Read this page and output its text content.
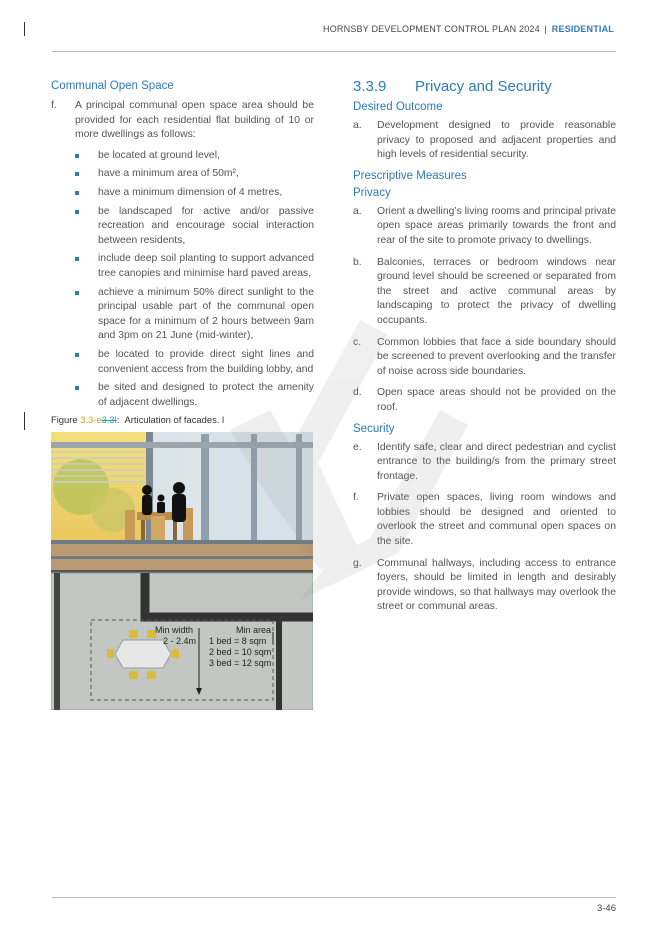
HORNSBY DEVELOPMENT CONTROL PLAN 2024 | RESIDENTIAL
Communal Open Space
f.	A principal communal open space area should be provided for each residential flat building of 10 or more dwellings as follows:
be located at ground level,
have a minimum area of 50m²,
have a minimum dimension of 4 metres,
be landscaped for active and/or passive recreation and encourage social interaction between residents,
include deep soil planting to support advanced tree canopies and minimise hard paved areas,
achieve a minimum 50% direct sunlight to the principal usable part of the communal open space for a minimum of 2 hours between 9am and 3pm on 21 June (mid-winter),
be located to provide direct sight lines and convenient access from the building lobby, and
be sited and designed to protect the amenity of adjacent dwellings.
Figure 3.3-e3.3l: Articulation of facades. l
Min width
2 - 2.4m
Min area
1 bed = 8 sqm
2 bed = 10 sqm
3 bed = 12 sqm
3.3.9 Privacy and Security
Desired Outcome
a.	Development designed to provide reasonable privacy to proposed and adjacent properties and high levels of residential security.
Prescriptive Measures
Privacy
a.	Orient a dwelling’s living rooms and principal private open space areas primarily towards the front and rear of the site to promote privacy to dwellings.
b.	Balconies, terraces or bedroom windows near ground level should be screened or separated from the street and active communal areas by landscaping to protect the privacy of dwelling occupants.
c.	Common lobbies that face a side boundary should be screened to prevent overlooking and the transfer of noise across side boundaries.
d.	Open space areas should not be provided on the roof.
Security
e.	Identify safe, clear and direct pedestrian and cyclist entrance to the building/s from the primary street frontage.
f.	Private open spaces, living room windows and lobbies should be designed and oriented to overlook the street and communal open spaces on the site.
g.	Communal hallways, including access to entrance foyers, should be limited in length and desirably provide windows, so that hallways may overlook the street or communal areas.
3-46
